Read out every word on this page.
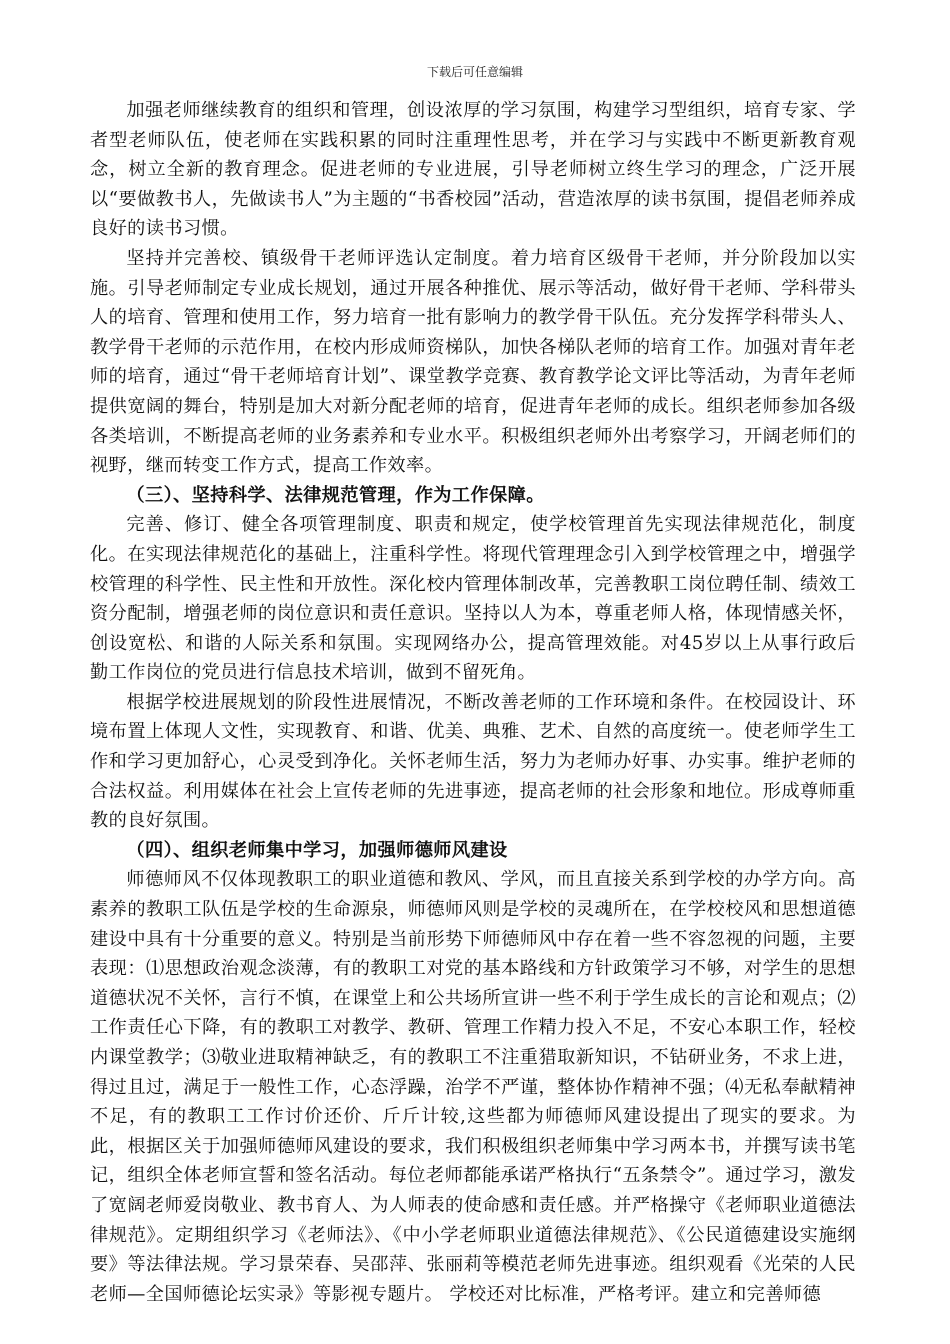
下载后可任意编辑

加强老师继续教育的组织和管理，创设浓厚的学习氛围，构建学习型组织，培育专家、学者型老师队伍，使老师在实践积累的同时注重理性思考，并在学习与实践中不断更新教育观念，树立全新的教育理念。促进老师的专业进展，引导老师树立终生学习的理念，广泛开展以“要做教书人，先做读书人”为主题的“书香校园”活动，营造浓厚的读书氛围，提倡老师养成良好的读书习惯。

坚持并完善校、镇级骨干老师评选认定制度。着力培育区级骨干老师，并分阶段加以实施。引导老师制定专业成长规划，通过开展各种推优、展示等活动，做好骨干老师、学科带头人的培育、管理和使用工作，努力培育一批有影响力的教学骨干队伍。充分发挥学科带头人、教学骨干老师的示范作用，在校内形成师资梯队，加快各梯队老师的培育工作。加强对青年老师的培育，通过“骨干老师培育计划”、课堂教学竞赛、教育教学论文评比等活动，为青年老师提供宽阔的舞台，特别是加大对新分配老师的培育，促进青年老师的成长。组织老师参加各级各类培训，不断提高老师的业务素养和专业水平。积极组织老师外出考察学习，开阔老师们的视野，继而转变工作方式，提高工作效率。

（三）、坚持科学、法律规范管理，作为工作保障。

完善、修订、健全各项管理制度、职责和规定，使学校管理首先实现法律规范化，制度化。在实现法律规范化的基础上，注重科学性。将现代管理理念引入到学校管理之中，增强学校管理的科学性、民主性和开放性。深化校内管理体制改革，完善教职工岗位聘任制、绩效工资分配制，增强老师的岗位意识和责任意识。坚持以人为本，尊重老师人格，体现情感关怀，创设宽松、和谐的人际关系和氛围。实现网络办公，提高管理效能。对45岁以上从事行政后勤工作岗位的党员进行信息技术培训，做到不留死角。

根据学校进展规划的阶段性进展情况，不断改善老师的工作环境和条件。在校园设计、环境布置上体现人文性，实现教育、和谐、优美、典雅、艺术、自然的高度统一。使老师学生工作和学习更加舒心，心灵受到净化。关怀老师生活，努力为老师办好事、办实事。维护老师的合法权益。利用媒体在社会上宣传老师的先进事迹，提高老师的社会形象和地位。形成尊师重教的良好氛围。

（四）、组织老师集中学习，加强师德师风建设

师德师风不仅体现教职工的职业道德和教风、学风，而且直接关系到学校的办学方向。高素养的教职工队伍是学校的生命源泉，师德师风则是学校的灵魂所在，在学校校风和思想道德建设中具有十分重要的意义。特别是当前形势下师德师风中存在着一些不容忽视的问题，主要表现：⑴思想政治观念淡薄，有的教职工对党的基本路线和方针政策学习不够，对学生的思想道德状况不关怀，言行不慎，在课堂上和公共场所宣讲一些不利于学生成长的言论和观点；⑵工作责任心下降，有的教职工对教学、教研、管理工作精力投入不足，不安心本职工作，轻校内课堂教学；⑶敬业进取精神缺乏，有的教职工不注重猎取新知识，不钻研业务，不求上进，得过且过，满足于一般性工作，心态浮躁，治学不严谨，整体协作精神不强；⑷无私奉献精神不足，有的教职工工作讨价还价、斤斤计较,这些都为师德师风建设提出了现实的要求。为此，根据区关于加强师德师风建设的要求，我们积极组织老师集中学习两本书，并撰写读书笔记，组织全体老师宣誓和签名活动。每位老师都能承诺严格执行“五条禁令”。通过学习，激发了宽阔老师爱岗敬业、教书育人、为人师表的使命感和责任感。并严格操守《老师职业道德法律规范》。定期组织学习《老师法》、《中小学老师职业道德法律规范》、《公民道德建设实施纲要》等法律法规。学习景荣春、吴邵萍、张丽莉等模范老师先进事迹。组织观看《光荣的人民老师—全国师德论坛实录》等影视专题片。 学校还对比标准，严格考评。建立和完善师德
